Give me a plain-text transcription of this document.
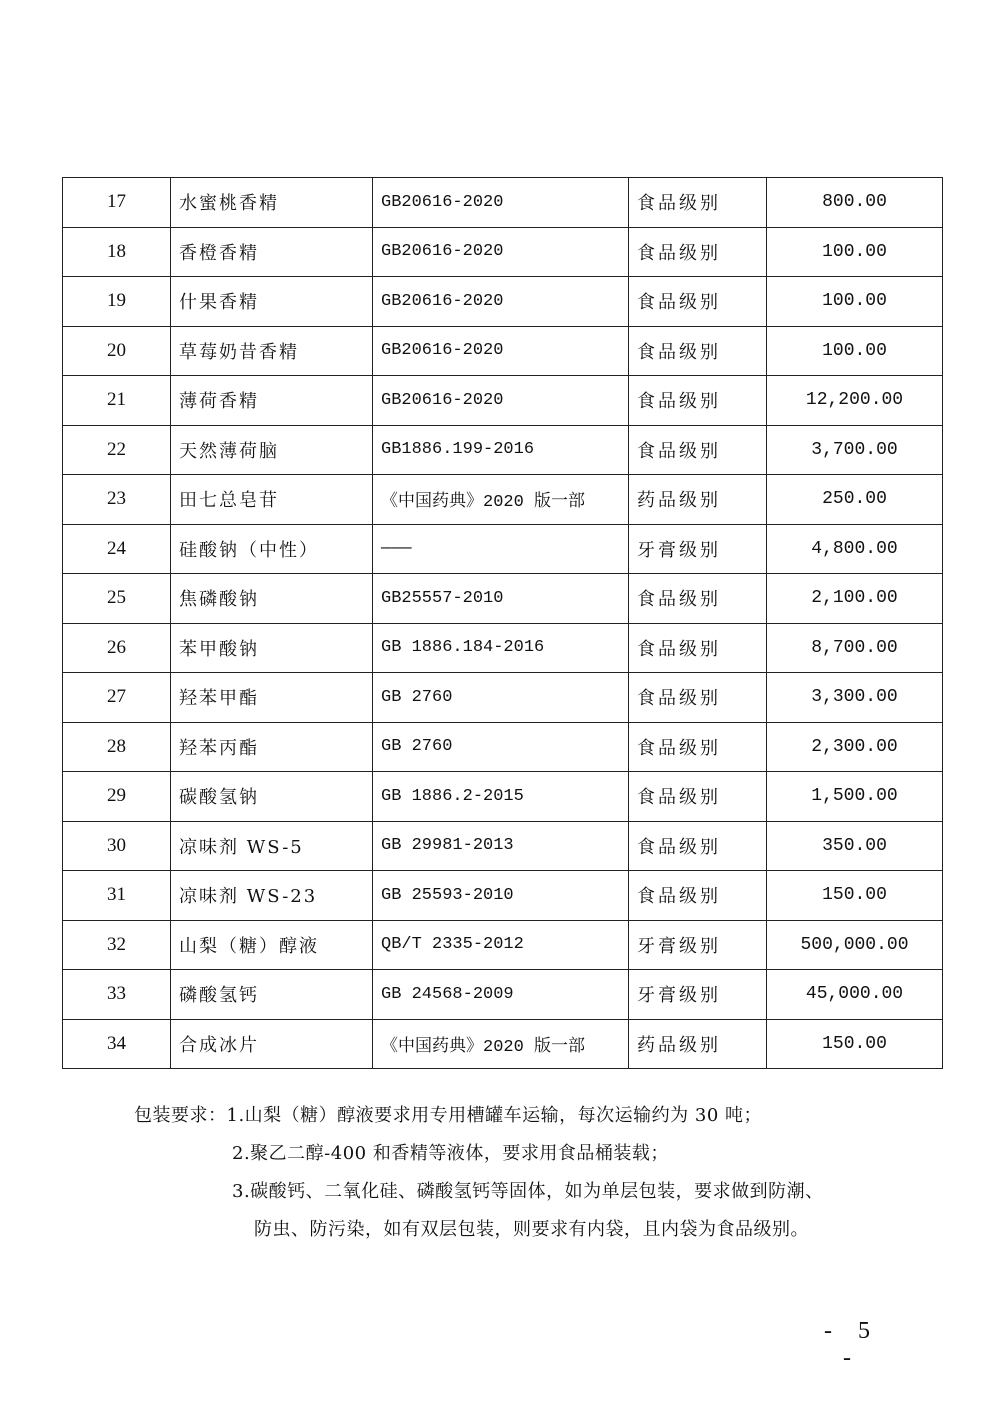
17	水蜜桃香精	GB20616-2020	食品级别	800.00
18	香橙香精	GB20616-2020	食品级别	100.00
19	什果香精	GB20616-2020	食品级别	100.00
20	草莓奶昔香精	GB20616-2020	食品级别	100.00
21	薄荷香精	GB20616-2020	食品级别	12,200.00
22	天然薄荷脑	GB1886.199-2016	食品级别	3,700.00
23	田七总皂苷	《中国药典》2020 版一部	药品级别	250.00
24	硅酸钠（中性）	———	牙膏级别	4,800.00
25	焦磷酸钠	GB25557-2010	食品级别	2,100.00
26	苯甲酸钠	GB 1886.184-2016	食品级别	8,700.00
27	羟苯甲酯	GB 2760	食品级别	3,300.00
28	羟苯丙酯	GB 2760	食品级别	2,300.00
29	碳酸氢钠	GB 1886.2-2015	食品级别	1,500.00
30	凉味剂 WS-5	GB 29981-2013	食品级别	350.00
31	凉味剂 WS-23	GB 25593-2010	食品级别	150.00
32	山梨（糖）醇液	QB/T 2335-2012	牙膏级别	500,000.00
33	磷酸氢钙	GB 24568-2009	牙膏级别	45,000.00
34	合成冰片	《中国药典》2020 版一部	药品级别	150.00
包装要求：1.山梨（糖）醇液要求用专用槽罐车运输，每次运输约为 30 吨；
2.聚乙二醇-400 和香精等液体，要求用食品桶装载；
3.碳酸钙、二氧化硅、磷酸氢钙等固体，如为单层包装，要求做到防潮、
防虫、防污染，如有双层包装，则要求有内袋，且内袋为食品级别。
- 5 -
